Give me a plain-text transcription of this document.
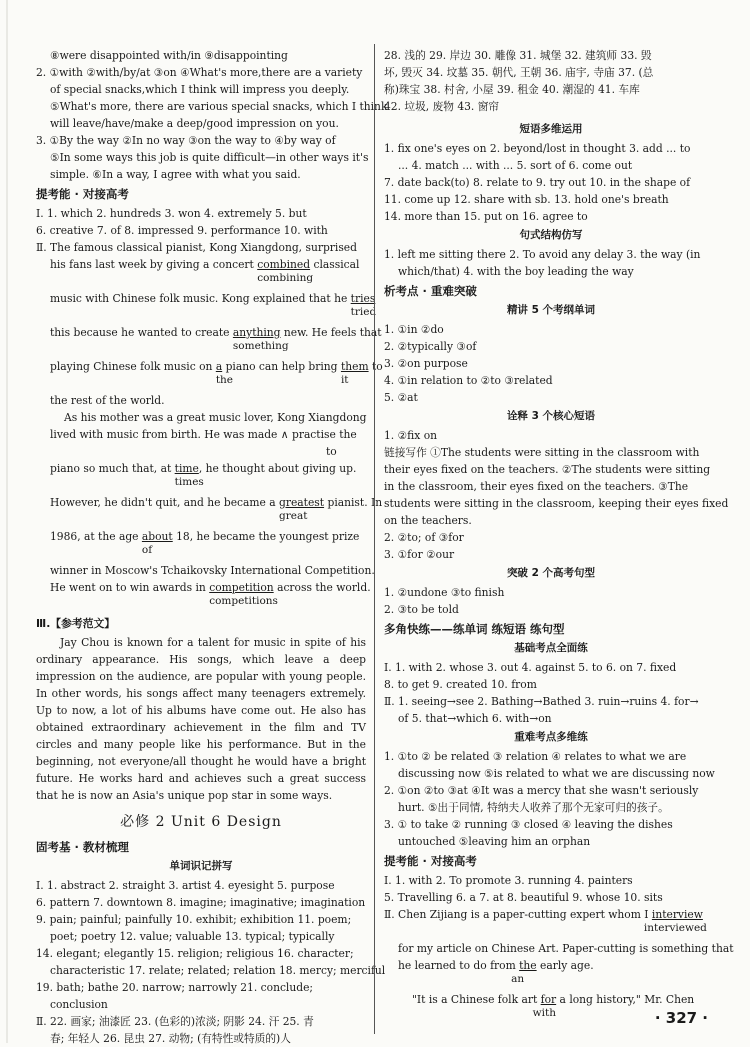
⑧were disappointed with/in ⑨disappointing

2. ①with ②with/by/at ③on ④What's more,there are a variety

of special snacks,which I think will impress you deeply.

⑤What's more, there are various special snacks, which I think

will leave/have/make a deep/good impression on you.

3. ①By the way ②In no way ③on the way to ④by way of

⑤In some ways this job is quite difficult—in other ways it's

simple. ⑥In a way, I agree with what you said.

提考能 · 对接高考

Ⅰ. 1. which 2. hundreds 3. won 4. extremely 5. but

6. creative 7. of 8. impressed 9. performance 10. with

Ⅱ. The famous classical pianist, Kong Xiangdong, surprised
his fans last week by giving a concert combined
combining
classical
music with Chinese folk music. Kong explained that he tries
tried
this because he wanted to create anything
something
new. He feels that
playing Chinese folk music on a
the
piano can help bring them
it
to
the rest of the world.
As his mother was a great music lover, Kong Xiangdong
lived with music from birth. He was made ∧ practise the
to
piano so much that, at time
times
, he thought about giving up.
However, he didn't quit, and he became a greatest
great
pianist. In
1986, at the age about
of
18, he became the youngest prize
winner in Moscow's Tchaikovsky International Competition.
He went on to win awards in competition
competitions
across the world.
Ⅲ.【参考范文】

Jay Chou is known for a talent for music in spite of his ordinary appearance. His songs, which leave a deep impression on the audience, are popular with young people. In other words, his songs affect many teenagers extremely. Up to now, a lot of his albums have come out. He also has obtained extraordinary achievement in the film and TV circles and many people like his performance. But in the beginning, not everyone/all thought he would have a bright future. He works hard and achieves such a great success that he is now an Asia's unique pop star in some ways.

必修 2 Unit 6 Design
固考基 · 教材梳理
单词识记拼写

Ⅰ. 1. abstract 2. straight 3. artist 4. eyesight 5. purpose

6. pattern 7. downtown 8. imagine; imaginative; imagination

9. pain; painful; painfully 10. exhibit; exhibition 11. poem;

poet; poetry 12. value; valuable 13. typical; typically

14. elegant; elegantly 15. religion; religious 16. character;

characteristic 17. relate; related; relation 18. mercy; merciful

19. bath; bathe 20. narrow; narrowly 21. conclude;

conclusion

Ⅱ. 22. 画家; 油漆匠 23. (色彩的)浓淡; 阴影 24. 汗 25. 青

春; 年轻人 26. 昆虫 27. 动物; (有特性或特质的)人

28. 浅的 29. 岸边 30. 雕像 31. 城堡 32. 建筑师 33. 毁

坏, 毁灭 34. 坟墓 35. 朝代, 王朝 36. 庙宇, 寺庙 37. (总

称)珠宝 38. 村舍, 小屋 39. 租金 40. 潮湿的 41. 车库

42. 垃圾, 废物 43. 窗帘

短语多维运用

1. fix one's eyes on 2. beyond/lost in thought 3. add ... to

... 4. match ... with ... 5. sort of 6. come out

7. date back(to) 8. relate to 9. try out 10. in the shape of

11. come up 12. share with sb. 13. hold one's breath

14. more than 15. put on 16. agree to

句式结构仿写

1. left me sitting there 2. To avoid any delay 3. the way (in

which/that) 4. with the boy leading the way

析考点 · 重难突破
精讲 5 个考纲单词

1. ①in ②do

2. ②typically ③of

3. ②on purpose

4. ①in relation to ②to ③related

5. ②at

诠释 3 个核心短语

1. ②fix on

链接写作 ①The students were sitting in the classroom with

their eyes fixed on the teachers. ②The students were sitting

in the classroom, their eyes fixed on the teachers. ③The

students were sitting in the classroom, keeping their eyes fixed

on the teachers.

2. ②to; of ③for

3. ①for ②our

突破 2 个高考句型

1. ②undone ③to finish

2. ③to be told

多角快练——练单词 练短语 练句型
基础考点全面练

Ⅰ. 1. with 2. whose 3. out 4. against 5. to 6. on 7. fixed

8. to get 9. created 10. from

Ⅱ. 1. seeing→see 2. Bathing→Bathed 3. ruin→ruins 4. for→

of 5. that→which 6. with→on

重难考点多维练

1. ①to ② be related ③ relation ④ relates to what we are

discussing now ⑤is related to what we are discussing now

2. ①on ②to ③at ④It was a mercy that she wasn't seriously

hurt. ⑤出于同情, 特纳夫人收养了那个无家可归的孩子。

3. ① to take ② running ③ closed ④ leaving the dishes

untouched ⑤leaving him an orphan

提考能 · 对接高考

Ⅰ. 1. with 2. To promote 3. running 4. painters

5. Travelling 6. a 7. at 8. beautiful 9. whose 10. sits

Ⅱ. Chen Zijiang is a paper-cutting expert whom I interview
interviewed
for my article on Chinese Art. Paper-cutting is something that
he learned to do from the
an
early age.
"It is a Chinese folk art for
with
a long history," Mr. Chen
· 327 ·
